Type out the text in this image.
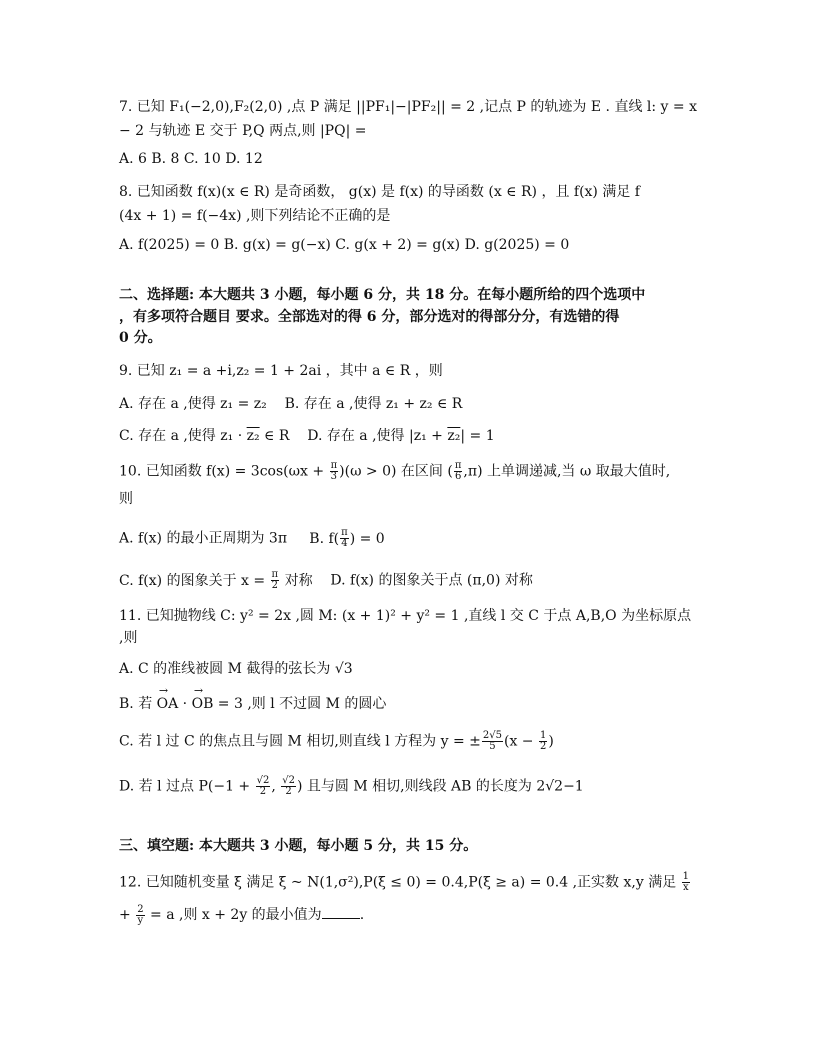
7. 已知 F₁(−2,0),F₂(2,0) ,点 P 满足 ||PF₁|−|PF₂|| = 2 ,记点 P 的轨迹为 E . 直线 l: y = x
− 2 与轨迹 E 交于 P,Q 两点,则 |PQ| =
A. 6 B. 8 C. 10 D. 12
8. 已知函数 f(x)(x ∈ R) 是奇函数， g(x) 是 f(x) 的导函数 (x ∈ R) ，且 f(x) 满足 f
(4x + 1) = f(−4x) ,则下列结论不正确的是
A. f(2025) = 0 B. g(x) = g(−x) C. g(x + 2) = g(x) D. g(2025) = 0
二、选择题: 本大题共 3 小题，每小题 6 分，共 18 分。在每小题所给的四个选项中
，有多项符合题目 要求。全部选对的得 6 分，部分选对的得部分分，有选错的得
0 分。
9. 已知 z₁ = a +i,z₂ = 1 + 2ai ，其中 a ∈ R ，则
A. 存在 a ,使得 z₁ = z₂ B. 存在 a ,使得 z₁ + z₂ ∈ R
C. 存在 a ,使得 z₁ · z₂ ∈ R D. 存在 a ,使得 |z₁ + z₂| = 1
10. 已知函数 $f(x) = 3\cos(\omega x + \frac{\pi}{3} )(\omega > 0)$ 在区间 ( $\frac{\pi}{6} ,\pi$) 上单调递减,当 ω 取最大值时,
则
A. f(x) 的最小正周期为 3π B. $f( \frac{\pi}{4}$ ) = 0
C. f(x) 的图象关于 $x = \frac{\pi}{2}$ 对称 D. f(x) 的图象关于点 (π,0) 对称
11. 已知抛物线 C: y² = 2x ,圆 M: (x + 1)² + y² = 1 ,直线 l 交 C 于点 A,B,O 为坐标原点
,则
A. C 的准线被圆 M 截得的弦长为 √3
B. 若 → OA · → OB = 3 ,则 l 不过圆 M 的圆心
C. 若 l 过 C 的焦点且与圆 M 相切,则直线 l 方程为 y = ± $\frac{2√5}{5} (x - \frac{1}{2}$ )
D. 若 l 过点 $P(-1 + \frac{√2}{2}$ , $\frac{√2}{2}$ ) 且与圆 M 相切,则线段 AB 的长度为 2√2−1
三、填空题: 本大题共 3 小题，每小题 5 分，共 15 分。
12. 已知随机变量 ξ 满足 ξ ~ N(1,σ²),P(ξ ≤ 0) = 0.4,P(ξ ≥ a) = 0.4 ,正实数 x,y 满足 $\frac{1}{x}$
+ $\frac{2}{y} = a$ ,则 x + 2y 的最小值为	.
